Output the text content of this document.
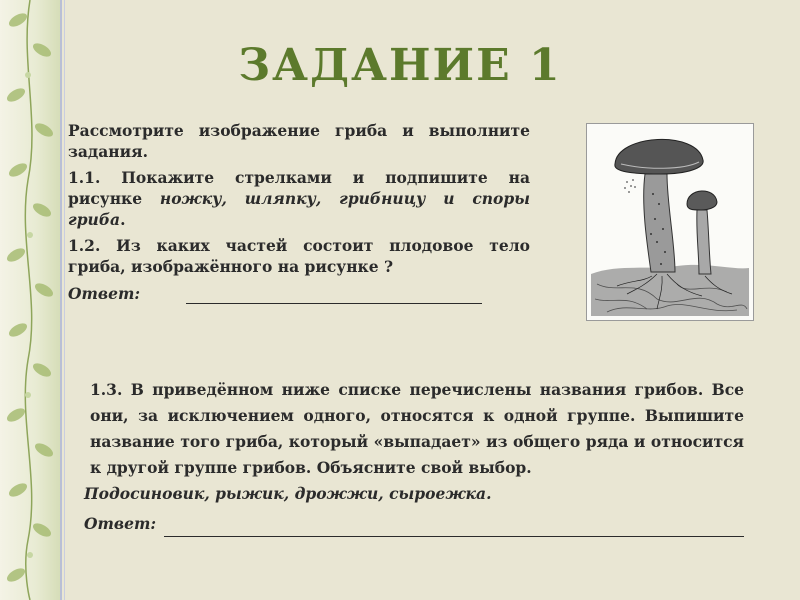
ЗАДАНИЕ 1

Рассмотрите изображение гриба и выполните задания.

1.1. Покажите стрелками и подпишите на рисунке ножку, шляпку, грибницу и споры гриба.

1.2. Из каких частей состоит плодовое тело гриба, изображённого на рисунке ?

Ответ:

1.3. В приведённом ниже списке перечислены названия грибов. Все они, за исключением одного, относятся к одной группе. Выпишите название того гриба, который «выпадает» из общего ряда и относится к другой группе грибов. Объясните свой выбор.

Подосиновик, рыжик, дрожжи, сыроежка.

Ответ:
